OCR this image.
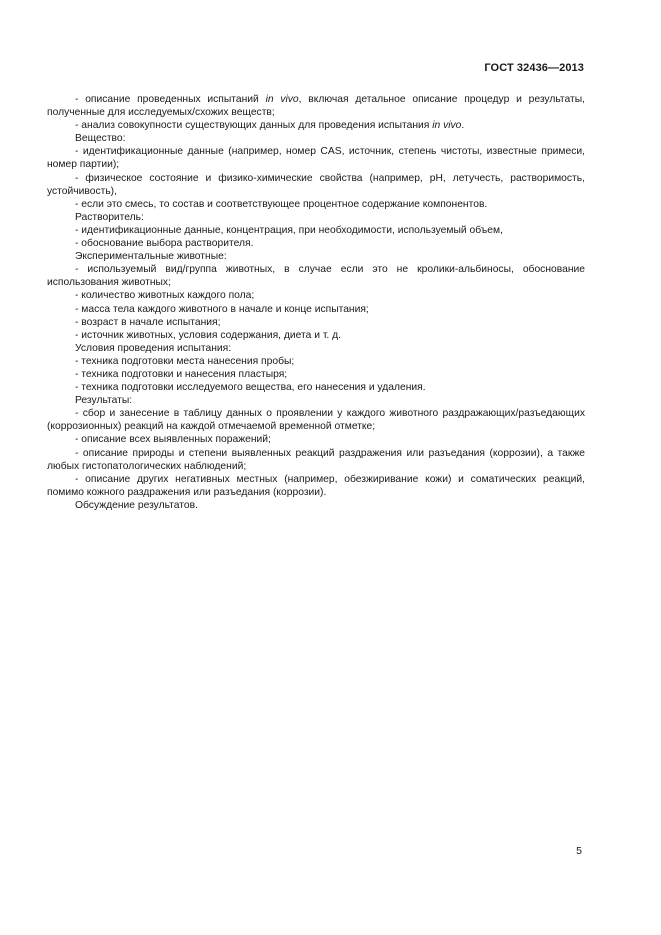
ГОСТ 32436—2013

- описание проведенных испытаний in vivo, включая детальное описание процедур и результаты, полученные для исследуемых/схожих веществ;

- анализ совокупности существующих данных для проведения испытания in vivo.

Вещество:

- идентификационные данные (например, номер CAS, источник, степень чистоты, известные примеси, номер партии);

- физическое состояние и физико-химические свойства (например, pH, летучесть, растворимость, устойчивость),

- если это смесь, то состав и соответствующее процентное содержание компонентов.

Растворитель:

- идентификационные данные, концентрация, при необходимости, используемый объем,

- обоснование выбора растворителя.

Экспериментальные животные:

- используемый вид/группа животных, в случае если это не кролики-альбиносы, обоснование использования животных;

- количество животных каждого пола;

- масса тела каждого животного в начале и конце испытания;

- возраст в начале испытания;

- источник животных, условия содержания, диета и т. д.

Условия проведения испытания:

- техника подготовки места нанесения пробы;

- техника подготовки и нанесения пластыря;

- техника подготовки исследуемого вещества, его нанесения и удаления.

Результаты:

- сбор и занесение в таблицу данных о проявлении у каждого животного раздражающих/разъедающих (коррозионных) реакций на каждой отмечаемой временной отметке;

- описание всех выявленных поражений;

- описание природы и степени выявленных реакций раздражения или разъедания (коррозии), а также любых гистопатологических наблюдений;

- описание других негативных местных (например, обезжиривание кожи) и соматических реакций, помимо кожного раздражения или разъедания (коррозии).

Обсуждение результатов.

5
